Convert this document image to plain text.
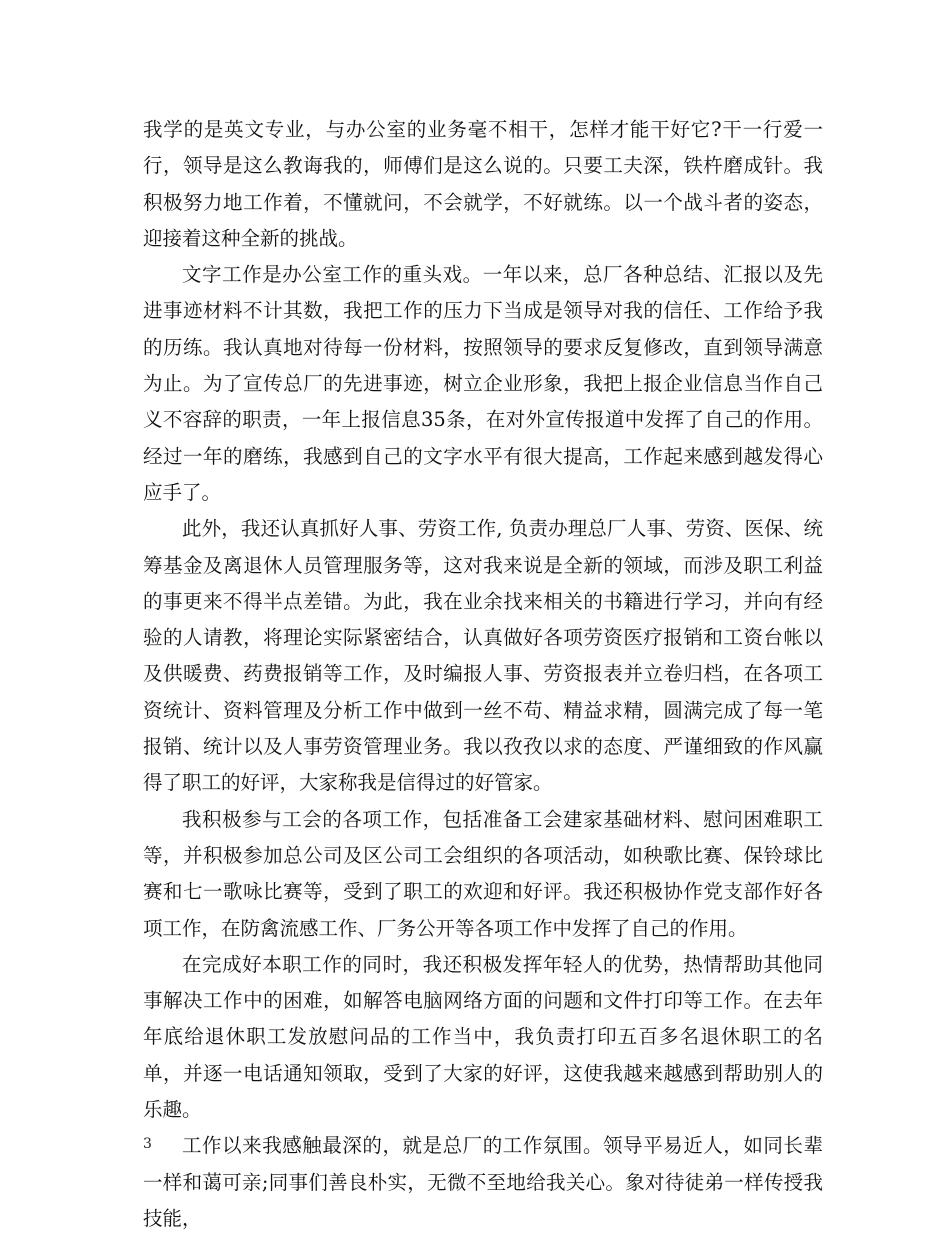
我学的是英文专业，与办公室的业务毫不相干，怎样才能干好它?干一行爱一行，领导是这么教诲我的，师傅们是这么说的。只要工夫深，铁杵磨成针。我积极努力地工作着，不懂就问，不会就学，不好就练。以一个战斗者的姿态，迎接着这种全新的挑战。

文字工作是办公室工作的重头戏。一年以来，总厂各种总结、汇报以及先进事迹材料不计其数，我把工作的压力下当成是领导对我的信任、工作给予我的历练。我认真地对待每一份材料，按照领导的要求反复修改，直到领导满意为止。为了宣传总厂的先进事迹，树立企业形象，我把上报企业信息当作自己义不容辞的职责，一年上报信息35条，在对外宣传报道中发挥了自己的作用。经过一年的磨练，我感到自己的文字水平有很大提高，工作起来感到越发得心应手了。

此外，我还认真抓好人事、劳资工作, 负责办理总厂人事、劳资、医保、统筹基金及离退休人员管理服务等，这对我来说是全新的领域，而涉及职工利益的事更来不得半点差错。为此，我在业余找来相关的书籍进行学习，并向有经验的人请教，将理论实际紧密结合，认真做好各项劳资医疗报销和工资台帐以及供暖费、药费报销等工作，及时编报人事、劳资报表并立卷归档，在各项工资统计、资料管理及分析工作中做到一丝不苟、精益求精，圆满完成了每一笔报销、统计以及人事劳资管理业务。我以孜孜以求的态度、严谨细致的作风赢得了职工的好评，大家称我是信得过的好管家。

我积极参与工会的各项工作，包括准备工会建家基础材料、慰问困难职工等，并积极参加总公司及区公司工会组织的各项活动，如秧歌比赛、保铃球比赛和七一歌咏比赛等，受到了职工的欢迎和好评。我还积极协作党支部作好各项工作，在防禽流感工作、厂务公开等各项工作中发挥了自己的作用。

在完成好本职工作的同时，我还积极发挥年轻人的优势，热情帮助其他同事解决工作中的困难，如解答电脑网络方面的问题和文件打印等工作。在去年年底给退休职工发放慰问品的工作当中，我负责打印五百多名退休职工的名单，并逐一电话通知领取，受到了大家的好评，这使我越来越感到帮助别人的乐趣。

工作以来我感触最深的，就是总厂的工作氛围。领导平易近人，如同长辈一样和蔼可亲;同事们善良朴实，无微不至地给我关心。象对待徒弟一样传授我技能，

3
